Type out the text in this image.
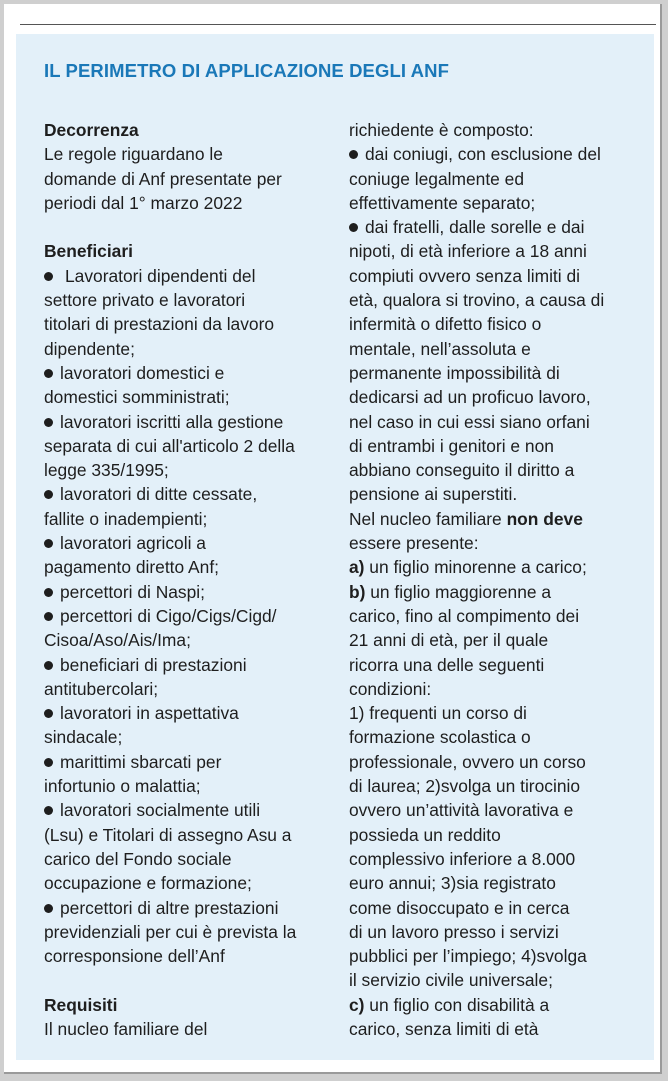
IL PERIMETRO DI APPLICAZIONE DEGLI ANF
Decorrenza
Le regole riguardano le
domande di Anf presentate per
periodi dal 1° marzo 2022
Beneficiari
Lavoratori dipendenti del
settore privato e lavoratori
titolari di prestazioni da lavoro
dipendente;
lavoratori domestici e
domestici somministrati;
lavoratori iscritti alla gestione
separata di cui all'articolo 2 della
legge 335/1995;
lavoratori di ditte cessate,
fallite o inadempienti;
lavoratori agricoli a
pagamento diretto Anf;
percettori di Naspi;
percettori di Cigo/Cigs/Cigd/
Cisoa/Aso/Ais/Ima;
beneficiari di prestazioni
antitubercolari;
lavoratori in aspettativa
sindacale;
marittimi sbarcati per
infortunio o malattia;
lavoratori socialmente utili
(Lsu) e Titolari di assegno Asu a
carico del Fondo sociale
occupazione e formazione;
percettori di altre prestazioni
previdenziali per cui è prevista la
corresponsione dell’Anf
Requisiti
Il nucleo familiare del
richiedente è composto:
dai coniugi, con esclusione del
coniuge legalmente ed
effettivamente separato;
dai fratelli, dalle sorelle e dai
nipoti, di età inferiore a 18 anni
compiuti ovvero senza limiti di
età, qualora si trovino, a causa di
infermità o difetto fisico o
mentale, nell’assoluta e
permanente impossibilità di
dedicarsi ad un proficuo lavoro,
nel caso in cui essi siano orfani
di entrambi i genitori e non
abbiano conseguito il diritto a
pensione ai superstiti.
Nel nucleo familiare non deve
essere presente:
a) un figlio minorenne a carico;
b) un figlio maggiorenne a
carico, fino al compimento dei
21 anni di età, per il quale
ricorra una delle seguenti
condizioni:
1) frequenti un corso di
formazione scolastica o
professionale, ovvero un corso
di laurea; 2)svolga un tirocinio
ovvero un’attività lavorativa e
possieda un reddito
complessivo inferiore a 8.000
euro annui; 3)sia registrato
come disoccupato e in cerca
di un lavoro presso i servizi
pubblici per l’impiego; 4)svolga
il servizio civile universale;
c) un figlio con disabilità a
carico, senza limiti di età
